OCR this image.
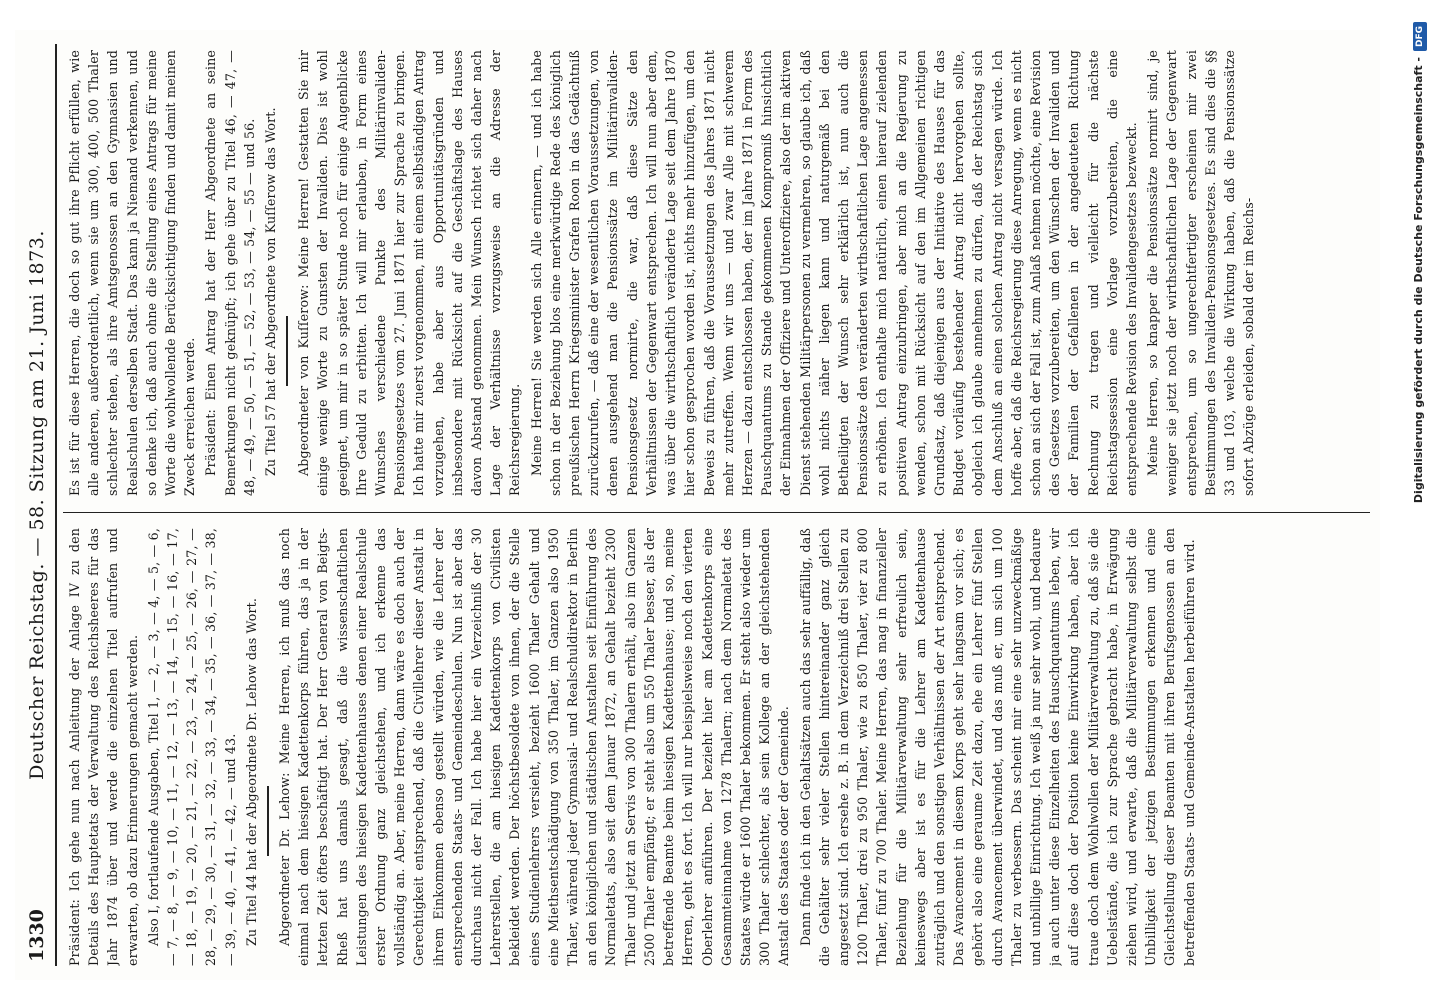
1330
Deutscher Reichstag. — 58. Sitzung am 21. Juni 1873. Präsident: Ich gehe nun nach Anleitung der Anlage IV zu den Details des Hauptetats der Verwaltung des Reichsheeres für das Jahr 1874 über und werde die einzelnen Titel aufrufen und erwarten, ob dazu Erinnerungen gemacht werden. Also I, fortlaufende Ausgaben, Titel 1, — 2, — 3, — 4, — 5, — 6, — 7, — 8, — 9, — 10, — 11, — 12, — 13, — 14, — 15, — 16, — 17, — 18, — 19, — 20, — 21, — 22, — 23, — 24, — 25, — 26, — 27, — 28, — 29, — 30, — 31, — 32, — 33, — 34, — 35, — 36, — 37, — 38, — 39, — 40, — 41, — 42, — und 43. Zu Titel 44 hat der Abgeordnete Dr. Lehow das Wort. Abgeordneter Dr. Lehow: Meine Herren, ich muß das noch einmal nach dem hiesigen Kadettenkorps führen, das ja in der letzten Zeit öfters beschäftigt hat. Der Herr General von Beigts-Rheß hat uns damals gesagt, daß die wissenschaftlichen Leistungen des hiesigen Kadettenhauses denen einer Realschule erster Ordnung ganz gleichstehen, und ich erkenne das vollständig an. Aber, meine Herren, dann wäre es doch auch der Gerechtigkeit entsprechend, daß die Civillehrer dieser Anstalt in ihrem Einkommen ebenso gestellt würden, wie die Lehrer der entsprechenden Staats- und Gemeindeschulen. Nun ist aber das durchaus nicht der Fall. Ich habe hier ein Verzeichniß der 30 Lehrerstellen, die am hiesigen Kadettenkorps von Civilisten bekleidet werden. Der höchstbesoldete von ihnen, der die Stelle eines Studienlehrers versieht, bezieht 1600 Thaler Gehalt und eine Miethsentschädigung von 350 Thaler, im Ganzen also 1950 Thaler, während jeder Gymnasial- und Realschuldirektor in Berlin an den königlichen und städtischen Anstalten seit Einführung des Normaletats, also seit dem Januar 1872, an Gehalt bezieht 2300 Thaler und jetzt an Servis von 300 Thalern erhält, also im Ganzen 2500 Thaler empfängt; er steht also um 550 Thaler besser, als der betreffende Beamte beim hiesigen Kadettenhause; und so, meine Herren, geht es fort. Ich will nur beispielsweise noch den vierten Oberlehrer anführen. Der bezieht hier am Kadettenkorps eine Gesammteinnahme von 1278 Thalern; nach dem Normaletat des Staates würde er 1600 Thaler bekommen. Er steht also wieder um 300 Thaler schlechter, als sein Kollege an der gleichstehenden Anstalt des Staates oder der Gemeinde. Dann finde ich in den Gehaltsätzen auch das sehr auffällig, daß die Gehälter sehr vieler Stellen hintereinander ganz gleich angesetzt sind. Ich ersehe z. B. in dem Verzeichniß drei Stellen zu 1200 Thaler, drei zu 950 Thaler, wie zu 850 Thaler, vier zu 800 Thaler, fünf zu 700 Thaler. Meine Herren, das mag in finanzieller Beziehung für die Militärverwaltung sehr erfreulich sein, keineswegs aber ist es für die Lehrer am Kadettenhause zuträglich und den sonstigen Verhältnissen der Art entsprechend. Das Avancement in diesem Korps geht sehr langsam vor sich; es gehört also eine geraume Zeit dazu, ehe ein Lehrer fünf Stellen durch Avancement überwindet, und das muß er, um sich um 100 Thaler zu verbessern. Das scheint mir eine sehr unzweckmäßige und unbillige Einrichtung. Ich weiß ja nur sehr wohl, und bedaure ja auch unter diese Einzelheiten des Hauschquantums leben, wir auf diese doch der Position keine Einwirkung haben, aber ich traue doch dem Wohlwollen der Militärverwaltung zu, daß sie die Uebelstände, die ich zur Sprache gebracht habe, in Erwägung ziehen wird, und erwarte, daß die Militärverwaltung selbst die Unbilligkeit der jetzigen Bestimmungen erkennen und eine Gleichstellung dieser Beamten mit ihren Berufsgenossen an den betreffenden Staats- und Gemeinde-Anstalten herbeiführen wird.

Es ist für diese Herren, die doch so gut ihre Pflicht erfüllen, wie alle anderen, außerordentlich, wenn sie um 300, 400, 500 Thaler schlechter stehen, als ihre Amtsgenossen an den Gymnasien und Realschulen derselben Stadt. Das kann ja Niemand verkennen, und so denke ich, daß auch ohne die Stellung eines Antrags für meine Worte die wohlwollende Berücksichtigung finden und damit meinen Zweck erreichen werde. Präsident: Einen Antrag hat der Herr Abgeordnete an seine Bemerkungen nicht geknüpft; ich gehe über zu Titel 46, — 47, — 48, — 49, — 50, — 51, — 52, — 53, — 54, — 55 — und 56. Zu Titel 57 hat der Abgeordnete von Kuſſerow das Wort. Abgeordneter von Kuſſerow: Meine Herren! Gestatten Sie mir einige wenige Worte zu Gunsten der Invaliden. Dies ist wohl geeignet, um mir in so später Stunde noch für einige Augenblicke Ihre Geduld zu erbitten. Ich will mir erlauben, in Form eines Wunsches verschiedene Punkte des Militärinvaliden-Pensionsgesetzes vom 27. Juni 1871 hier zur Sprache zu bringen. Ich hatte mir zuerst vorgenommen, mit einem selbständigen Antrag vorzugehen, habe aber aus Opportunitätsgründen und insbesondere mit Rücksicht auf die Geschäftslage des Hauses davon Abstand genommen. Mein Wunsch richtet sich daher nach Lage der Verhältnisse vorzugsweise an die Adresse der Reichsregierung. Meine Herren! Sie werden sich Alle erinnern, — und ich habe schon in der Beziehung blos eine merkwürdige Rede des königlich preußischen Herrn Kriegsminister Grafen Roon in das Gedächtniß zurückzurufen, — daß eine der wesentlichen Voraussetzungen, von denen ausgehend man die Pensionssätze im Militärinvaliden-Pensionsgesetz normirte, die war, daß diese Sätze den Verhältnissen der Gegenwart entsprechen. Ich will nun aber dem, was über die wirthschaftlich veränderte Lage seit dem Jahre 1870 hier schon gesprochen worden ist, nichts mehr hinzufügen, um den Beweis zu führen, daß die Voraussetzungen des Jahres 1871 nicht mehr zutreffen. Wenn wir uns — und zwar Alle mit schwerem Herzen — dazu entschlossen haben, der im Jahre 1871 in Form des Pauschquantums zu Stande gekommenen Kompromiß hinsichtlich der Einnahmen der Offiziere und Unteroffiziere, also der im aktiven Dienst stehenden Militärpersonen zu vermehren, so glaube ich, daß wohl nichts näher liegen kann und naturgemäß bei den Betheiligten der Wunsch sehr erklärlich ist, nun auch die Pensionssätze den veränderten wirthschaftlichen Lage angemessen zu erhöhen. Ich enthalte mich natürlich, einen hierauf zielenden positiven Antrag einzubringen, aber mich an die Regierung zu wenden, schon mit Rücksicht auf den im Allgemeinen richtigen Grundsatz, daß diejenigen aus der Initiative des Hauses für das Budget vorläufig bestehender Antrag nicht hervorgehen sollte, obgleich ich glaube annehmen zu dürfen, daß der Reichstag sich dem Anschluß an einen solchen Antrag nicht versagen würde. Ich hoffe aber, daß die Reichsregierung diese Anregung, wenn es nicht schon an sich der Fall ist, zum Anlaß nehmen möchte, eine Revision des Gesetzes vorzubereiten, um den Wünschen der Invaliden und der Familien der Gefallenen in der angedeuteten Richtung Rechnung zu tragen und vielleicht für die nächste Reichstagssession eine Vorlage vorzubereiten, die eine entsprechende Revision des Invalidengesetzes bezweckt. Meine Herren, so knapper die Pensionssätze normirt sind, je weniger sie jetzt noch der wirthschaftlichen Lage der Gegenwart entsprechen, um so ungerechtfertigter erscheinen mir zwei Bestimmungen des Invaliden-Pensionsgesetzes. Es sind dies die §§ 33 und 103, welche die Wirkung haben, daß die Pensionssätze sofort Abzüge erleiden, sobald der im Reichs-	Digitalisierung gefördert durch die Deutsche Forschungsgemeinschaft -DFG
